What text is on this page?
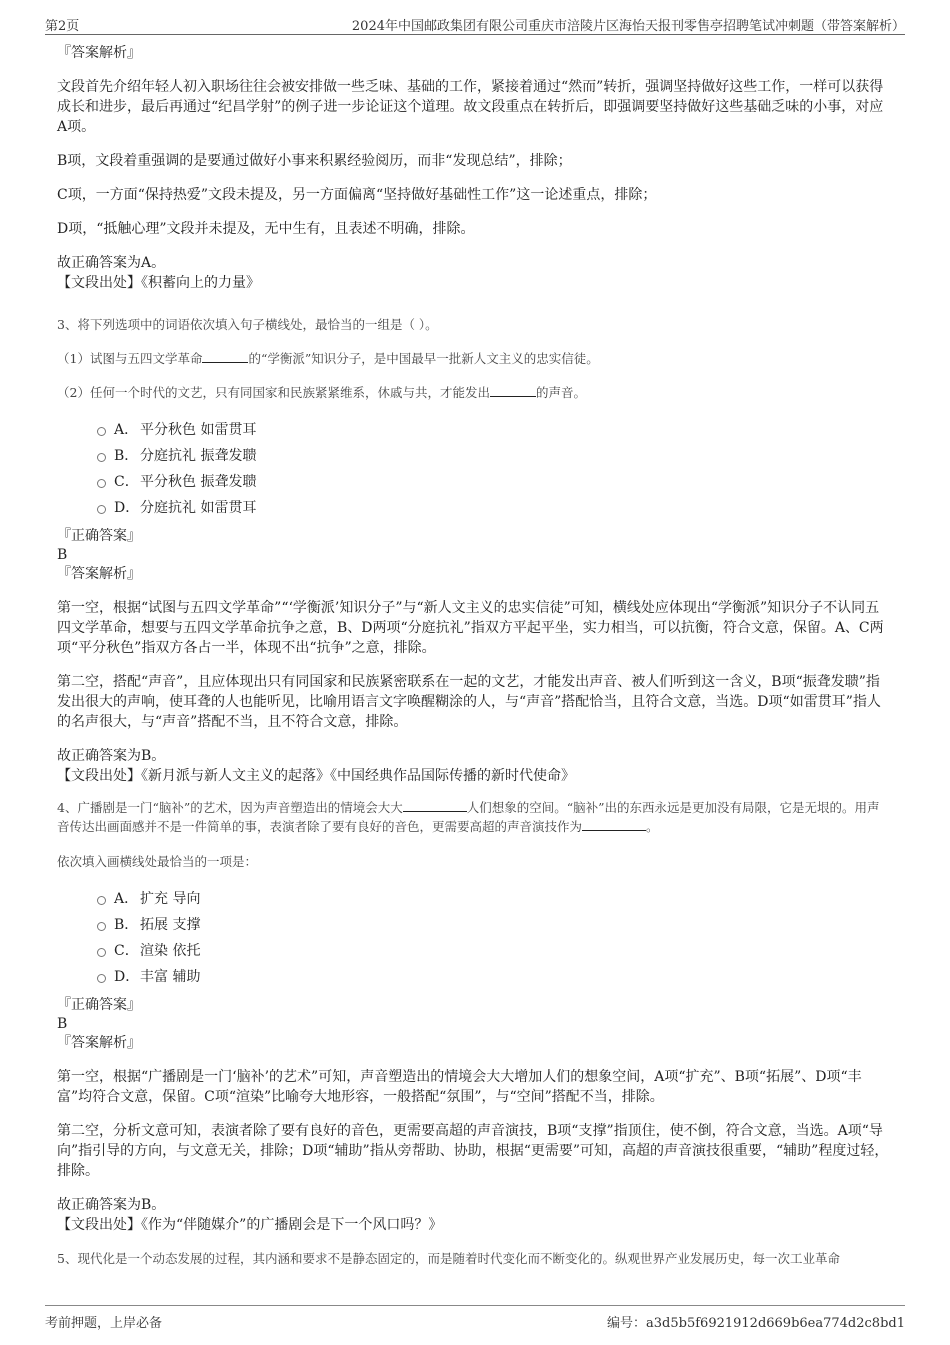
第2页	2024年中国邮政集团有限公司重庆市涪陵片区海怡天报刊零售亭招聘笔试冲刺题（带答案解析）

『答案解析』

文段首先介绍年轻人初入职场往往会被安排做一些乏味、基础的工作，紧接着通过“然而”转折，强调坚持做好这些工作，一样可以获得成长和进步，最后再通过“纪昌学射”的例子进一步论证这个道理。故文段重点在转折后，即强调要坚持做好这些基础乏味的小事，对应A项。

B项，文段着重强调的是要通过做好小事来积累经验阅历，而非“发现总结”，排除；

C项，一方面“保持热爱”文段未提及，另一方面偏离“坚持做好基础性工作”这一论述重点，排除；

D项，“抵触心理”文段并未提及，无中生有，且表述不明确，排除。

故正确答案为A。

【文段出处】《积蓄向上的力量》

3、将下列选项中的词语依次填入句子横线处，最恰当的一组是（ ）。

（1）试图与五四文学革命	的“学衡派”知识分子，是中国最早一批新人文主义的忠实信徒。

（2）任何一个时代的文艺，只有同国家和民族紧紧维系，休戚与共，才能发出	的声音。

A． 平分秋色 如雷贯耳
B． 分庭抗礼 振聋发聩
C． 平分秋色 振聋发聩
D． 分庭抗礼 如雷贯耳

『正确答案』

B

『答案解析』

第一空，根据“试图与五四文学革命”“‘学衡派’知识分子”与“新人文主义的忠实信徒”可知，横线处应体现出“学衡派”知识分子不认同五四文学革命，想要与五四文学革命抗争之意，B、D两项“分庭抗礼”指双方平起平坐，实力相当，可以抗衡，符合文意，保留。A、C两项“平分秋色”指双方各占一半，体现不出“抗争”之意，排除。

第二空，搭配“声音”，且应体现出只有同国家和民族紧密联系在一起的文艺，才能发出声音、被人们听到这一含义，B项“振聋发聩”指发出很大的声响，使耳聋的人也能听见，比喻用语言文字唤醒糊涂的人，与“声音”搭配恰当，且符合文意，当选。D项“如雷贯耳”指人的名声很大，与“声音”搭配不当，且不符合文意，排除。

故正确答案为B。

【文段出处】《新月派与新人文主义的起落》《中国经典作品国际传播的新时代使命》

4、广播剧是一门“脑补”的艺术，因为声音塑造出的情境会大大	人们想象的空间。“脑补”出的东西永远是更加没有局限，它是无垠的。用声音传达出画面感并不是一件简单的事，表演者除了要有良好的音色，更需要高超的声音演技作为	。

依次填入画横线处最恰当的一项是：

A． 扩充 导向
B． 拓展 支撑
C． 渲染 依托
D． 丰富 辅助

『正确答案』

B

『答案解析』

第一空，根据“广播剧是一门‘脑补’的艺术”可知，声音塑造出的情境会大大增加人们的想象空间，A项“扩充”、B项“拓展”、D项“丰富”均符合文意，保留。C项“渲染”比喻夸大地形容，一般搭配“氛围”，与“空间”搭配不当，排除。

第二空，分析文意可知，表演者除了要有良好的音色，更需要高超的声音演技，B项“支撑”指顶住，使不倒，符合文意，当选。A项“导向”指引导的方向，与文意无关，排除；D项“辅助”指从旁帮助、协助，根据“更需要”可知，高超的声音演技很重要，“辅助”程度过轻，排除。

故正确答案为B。

【文段出处】《作为“伴随媒介”的广播剧会是下一个风口吗？》

5、现代化是一个动态发展的过程，其内涵和要求不是静态固定的，而是随着时代变化而不断变化的。纵观世界产业发展历史，每一次工业革命

考前押题，上岸必备	编号：a3d5b5f6921912d669b6ea774d2c8bd1
